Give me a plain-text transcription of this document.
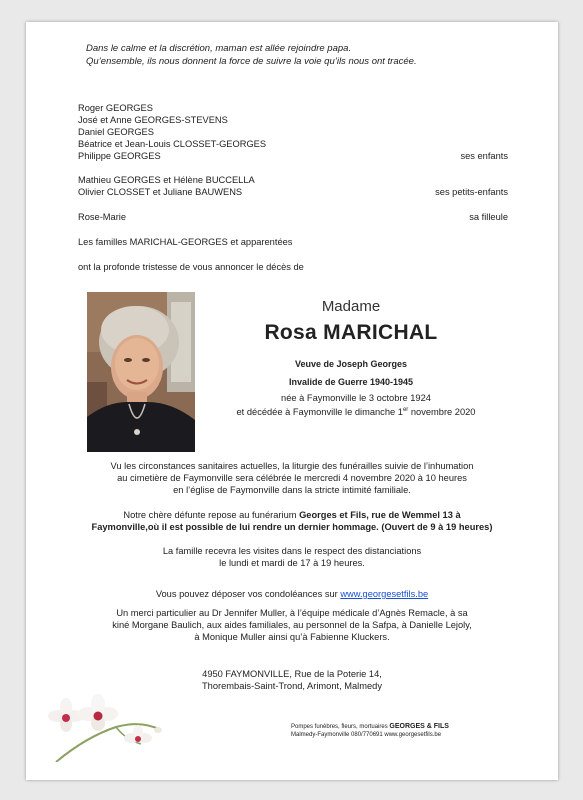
Dans le calme et la discrétion, maman est allée rejoindre papa.
Qu’ensemble, ils nous donnent la force de suivre la voie qu’ils nous ont tracée.
Roger GEORGES
José et Anne GEORGES-STEVENS
Daniel GEORGES
Béatrice et Jean-Louis CLOSSET-GEORGES
Philippe GEORGES	ses enfants
Mathieu GEORGES et Hélène BUCCELLA
Olivier CLOSSET et Juliane BAUWENS	ses petits-enfants
Rose-Marie	sa filleule
Les familles MARICHAL-GEORGES et apparentées
ont la profonde tristesse de vous annoncer le décès de
Madame
Rosa MARICHAL
Veuve de Joseph Georges
Invalide de Guerre 1940-1945
née à Faymonville le 3 octobre 1924
et décédée à Faymonville le dimanche 1er novembre 2020
Vu les circonstances sanitaires actuelles, la liturgie des funérailles suivie de l’inhumation
au cimetière de Faymonville sera célébrée le mercredi 4 novembre 2020 à 10 heures
en l’église de Faymonville dans la stricte intimité familiale.
Notre chère défunte repose au funérarium Georges et Fils, rue de Wemmel 13 à
Faymonville,où il est possible de lui rendre un dernier hommage. (Ouvert de 9 à 19 heures)
La famille recevra les visites dans le respect des distanciations
le lundi et mardi de 17 à 19 heures.
Vous pouvez déposer vos condoléances sur www.georgesetfils.be
Un merci particulier au Dr Jennifer Muller, à l’équipe médicale d’Agnès Remacle, à sa
kiné Morgane Baulich, aux aides familiales, au personnel de la Safpa, à Danielle Lejoly,
à Monique Muller ainsi qu’à Fabienne Kluckers.
4950 FAYMONVILLE, Rue de la Poterie 14,
Thorembais-Saint-Trond, Arimont, Malmedy
Pompes funèbres, fleurs, mortuaires GEORGES & FILS
Malmedy-Faymonville 080/770691 www.georgesetfils.be
